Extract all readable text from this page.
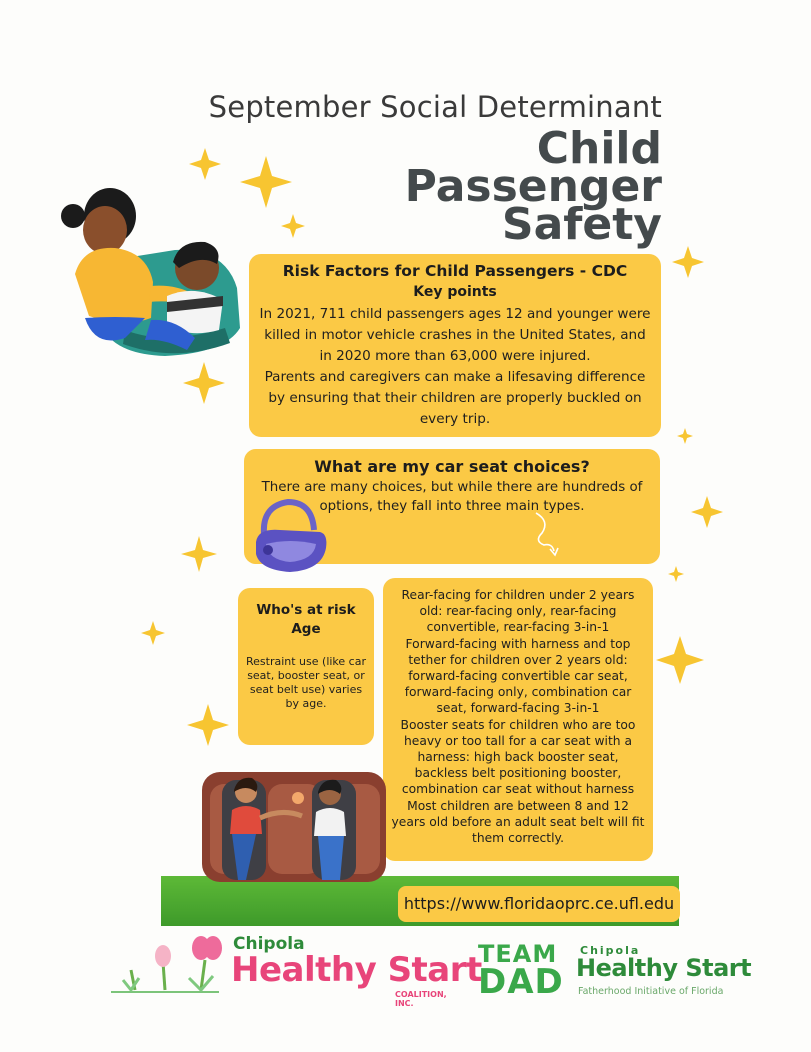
September Social Determinant
Child
Passenger
Safety
Risk Factors for Child Passengers - CDC
Key points
In 2021, 711 child passengers ages 12 and younger were killed in motor vehicle crashes in the United States, and in 2020 more than 63,000 were injured.
Parents and caregivers can make a lifesaving difference by ensuring that their children are properly buckled on every trip.
What are my car seat choices?
There are many choices, but while there are hundreds of options, they fall into three main types.
Who's at risk
Age
Restraint use (like car seat, booster seat, or seat belt use) varies by age.
Rear-facing for children under 2 years old: rear-facing only, rear-facing convertible, rear-facing 3-in-1
Forward-facing with harness and top tether for children over 2 years old: forward-facing convertible car seat, forward-facing only, combination car seat, forward-facing 3-in-1
Booster seats for children who are too heavy or too tall for a car seat with a harness: high back booster seat, backless belt positioning booster, combination car seat without harness
Most children are between 8 and 12 years old before an adult seat belt will fit them correctly.
https://www.floridaoprc.ce.ufl.edu
Chipola
Healthy Start
COALITION, INC.
TEAM
DAD
Chipola
Healthy Start
Fatherhood Initiative of Florida
